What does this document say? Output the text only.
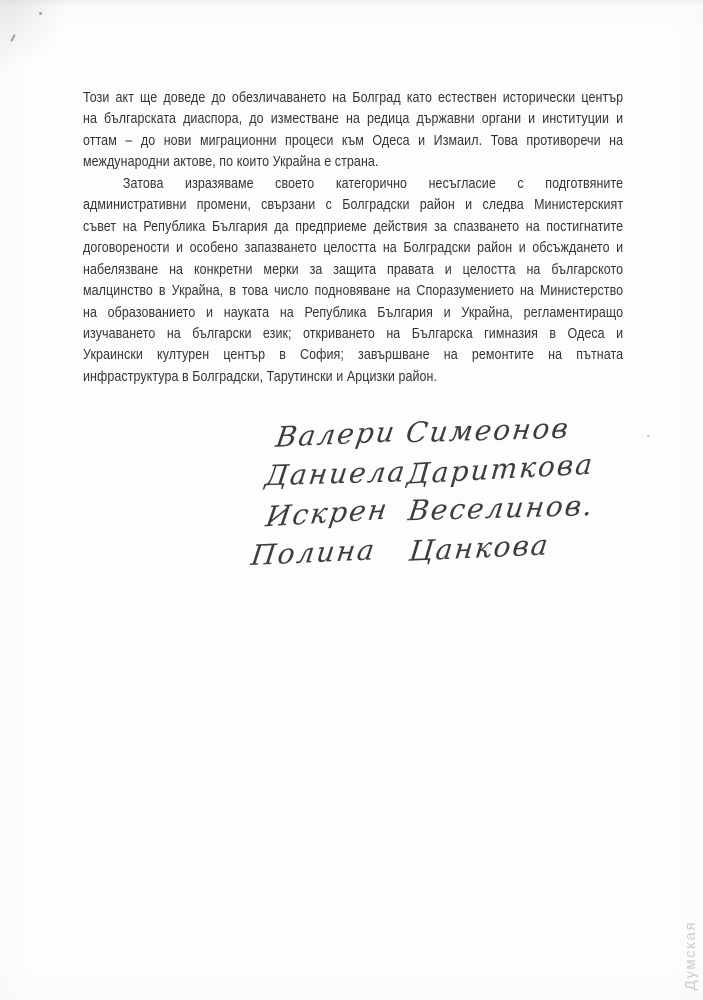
Този акт ще доведе до обезличаването на Болград като естествен исторически център
на българската диаспора, до изместване на редица държавни органи и институции и
оттам – до нови миграционни процеси към Одеса и Измаил. Това противоречи на
международни актове, по които Украйна е страна.
Затова изразяваме своето категорично несъгласие с подготвяните
административни промени, свързани с Болградски район и следва Министерският
съвет на Република България да предприеме действия за спазването на постигнатите
договорености и особено запазването целостта на Болградски район и обсъждането и
набелязване на конкретни мерки за защита правата и целостта на българското
малцинство в Украйна, в това число подновяване на Споразумението на Министерство
на образованието и науката на Република България и Украйна, регламентиращо
изучаването на български език; откриването на Българска гимназия в Одеса и
Украински културен център в София; завършване на ремонтите на пътната
инфраструктура в Болградски, Тарутински и Арцизки район.
Валери Симеонов
Даниела
Дариткова
Искрен Веселинов.
Полина	Цанкова
Думская
